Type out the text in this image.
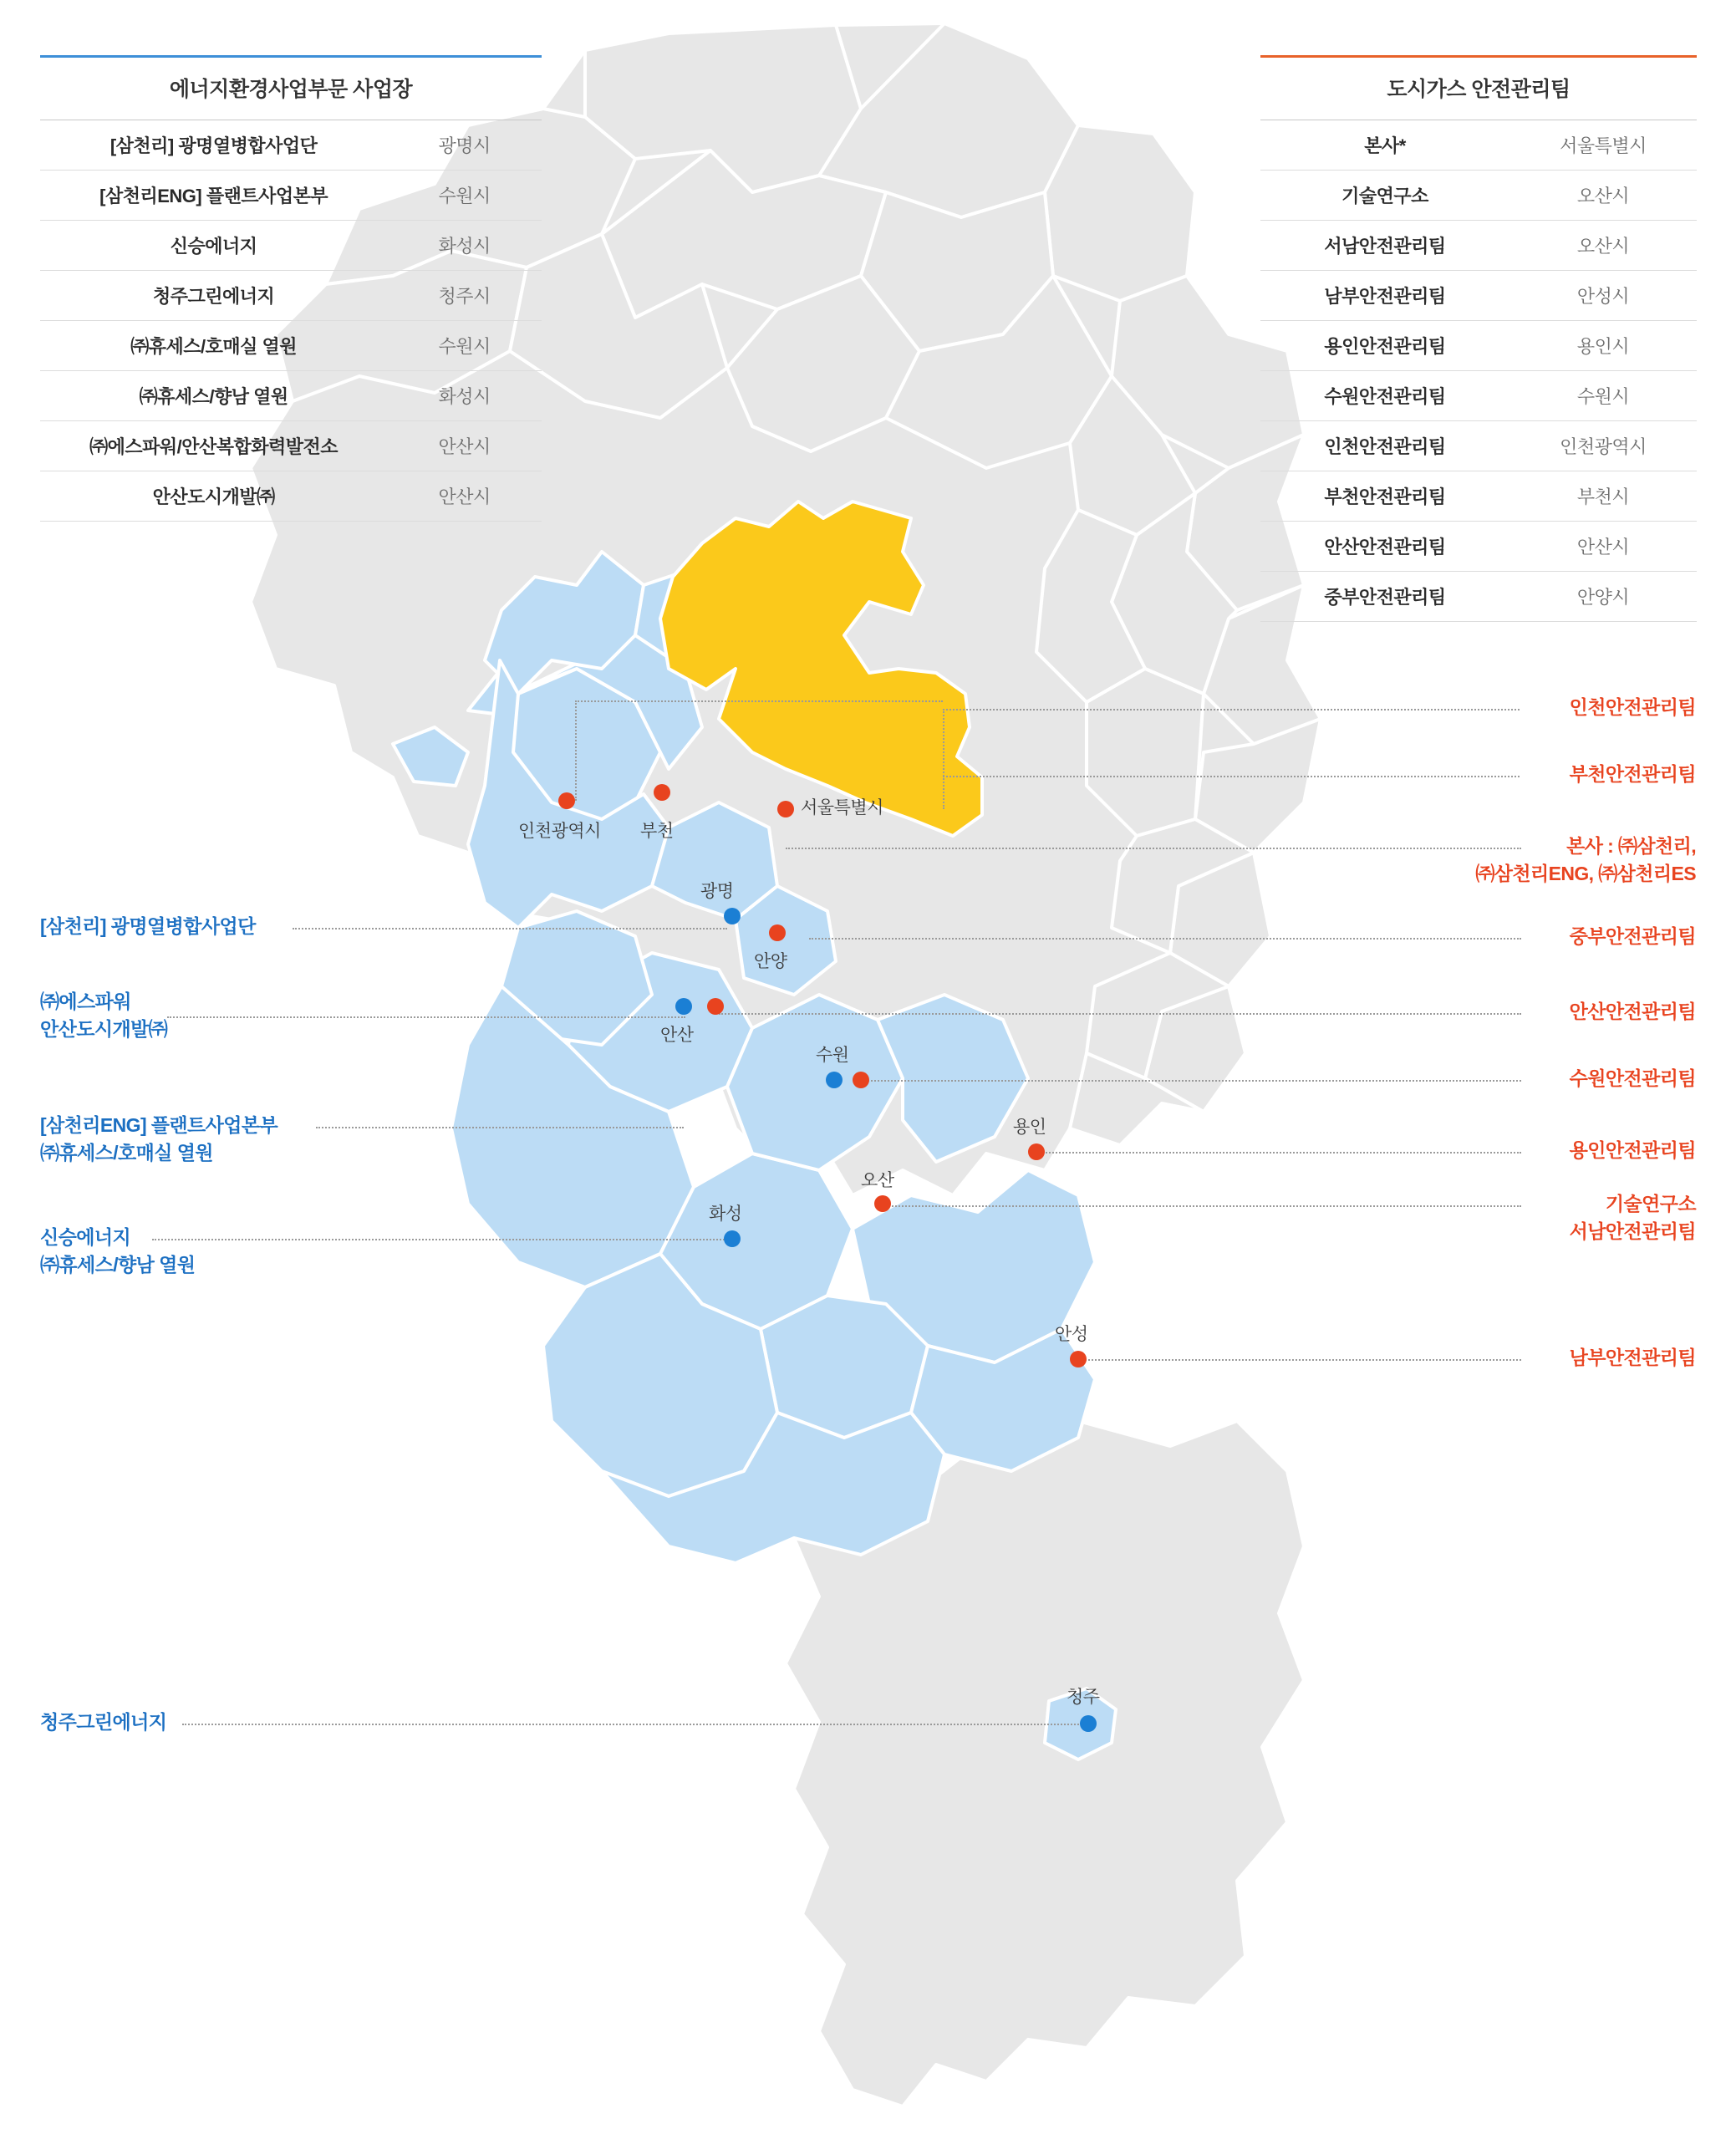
에너지환경사업부문 사업장	
[삼천리] 광명열병합사업단	광명시
[삼천리ENG] 플랜트사업본부	수원시
신승에너지	화성시
청주그린에너지	청주시
㈜휴세스/호매실 열원	수원시
㈜휴세스/향남 열원	화성시
㈜에스파워/안산복합화력발전소	안산시
안산도시개발㈜	안산시
도시가스 안전관리팀	
본사*	서울특별시
기술연구소	오산시
서남안전관리팀	오산시
남부안전관리팀	안성시
용인안전관리팀	용인시
수원안전관리팀	수원시
인천안전관리팀	인천광역시
부천안전관리팀	부천시
안산안전관리팀	안산시
중부안전관리팀	안양시
[삼천리] 광명열병합사업단
㈜에스파워
안산도시개발㈜
[삼천리ENG] 플랜트사업본부
㈜휴세스/호매실 열원
신승에너지
㈜휴세스/향남 열원
청주그린에너지
인천안전관리팀
부천안전관리팀
본사 : ㈜삼천리,
㈜삼천리ENG, ㈜삼천리ES
중부안전관리팀
안산안전관리팀
수원안전관리팀
용인안전관리팀
기술연구소
서남안전관리팀
남부안전관리팀
인천광역시 부천
서울특별시
광명
안양
안산
수원
오산
용인
화성
안성
청주
